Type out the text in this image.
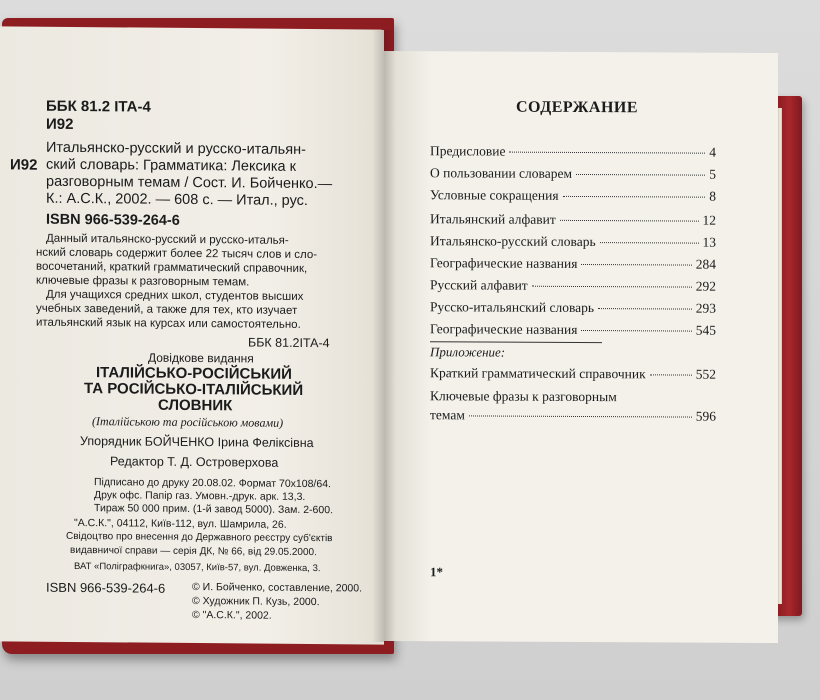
ББК 81.2 ІТА-4
И92
Итальянско-русский и русско-итальян-
И92 ский словарь: Грамматика: Лексика к
разговорным темам / Сост. И. Бойченко.—
К.: А.С.К., 2002. — 608 с. — Итал., рус.
ISBN 966-539-264-6
Данный итальянско-русский и русско-италья-
нский словарь содержит более 22 тысяч слов и сло-
восочетаний, краткий грамматический справочник,
ключевые фразы к разговорным темам.
Для учащихся средних школ, студентов высших
учебных заведений, а также для тех, кто изучает
итальянский язык на курсах или самостоятельно.
ББК 81.2ІТА-4
Довідкове видання
ІТАЛІЙСЬКО-РОСІЙСЬКИЙ
ТА РОСІЙСЬКО-ІТАЛІЙСЬКИЙ
СЛОВНИК
(Італійською та російською мовами)
Упорядник БОЙЧЕНКО Ірина Феліксівна
Редактор Т. Д. Островерхова
Підписано до друку 20.08.02. Формат 70х108/64.
Друк офс. Папір газ. Умовн.-друк. арк. 13,3.
Тираж 50 000 прим. (1-й завод 5000). Зам. 2-600.
"А.С.К.", 04112, Київ-112, вул. Шамрила, 26.
Свідоцтво про внесення до Державного реєстру суб'єктів
видавничої справи — серія ДК, № 66, від 29.05.2000.
ВАТ «Поліграфкнига», 03057, Київ-57, вул. Довженка, 3.
ISBN 966-539-264-6	© И. Бойченко, составление, 2000.
© Художник П. Кузь, 2000.
© "А.С.К.", 2002.
СОДЕРЖАНИЕ
Предисловие	4
О пользовании словарем	5
Условные сокращения	8
Итальянский алфавит	12
Итальянско-русский словарь	13
Географические названия	284
Русский алфавит	292
Русско-итальянский словарь	293
Географические названия	545
Приложение:
Краткий грамматический справочник	552
Ключевые фразы к разговорным
темам	596
1*
